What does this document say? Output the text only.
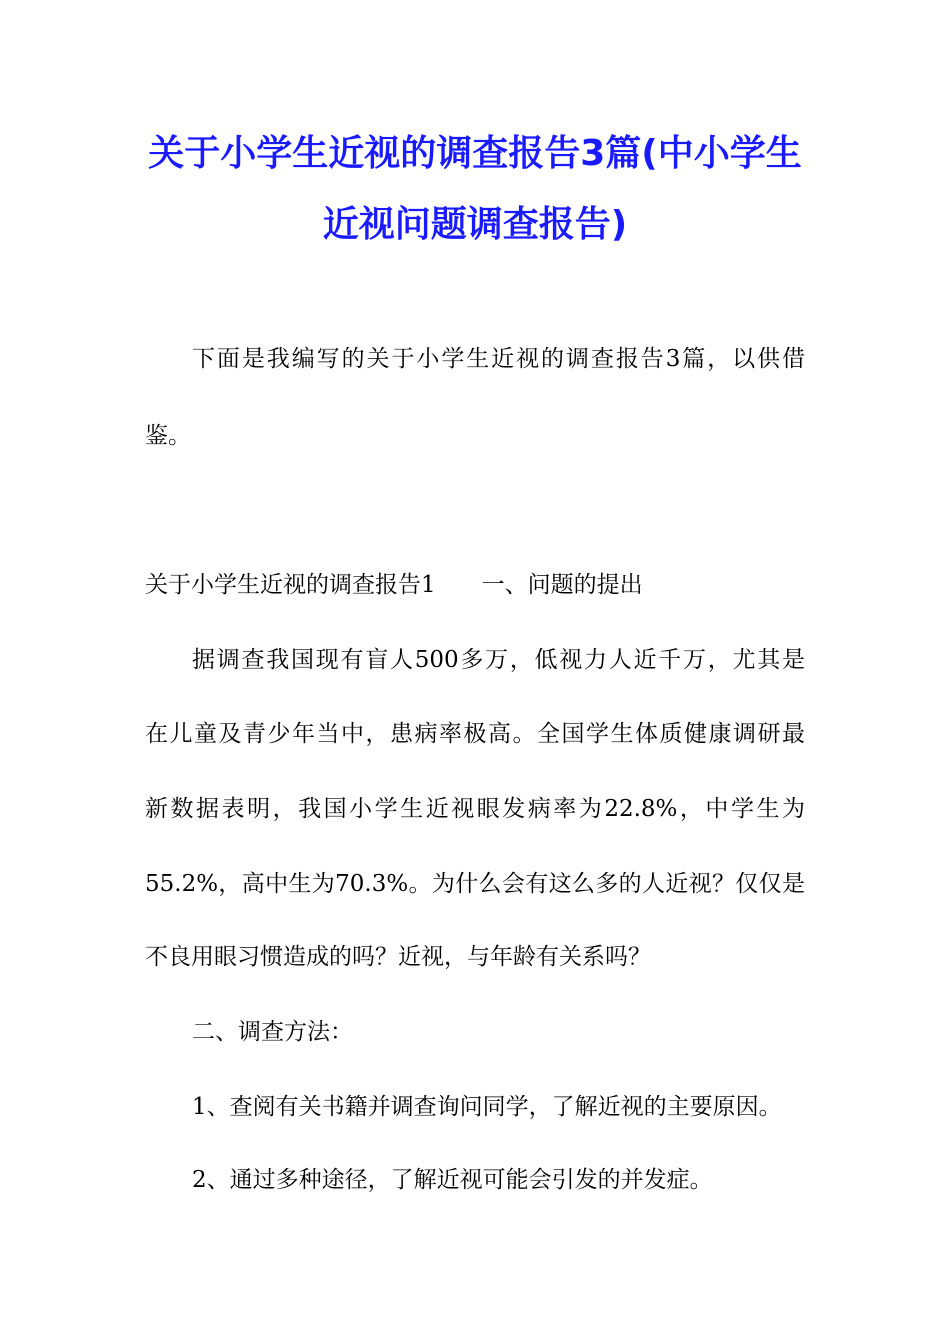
关于小学生近视的调查报告3篇(中小学生
近视问题调查报告)
下面是我编写的关于小学生近视的调查报告3篇，以供借
鉴。
关于小学生近视的调查报告1　　一、问题的提出
据调查我国现有盲人500多万，低视力人近千万，尤其是
在儿童及青少年当中，患病率极高。全国学生体质健康调研最
新数据表明，我国小学生近视眼发病率为22.8%，中学生为
55.2%，高中生为70.3%。为什么会有这么多的人近视？仅仅是
不良用眼习惯造成的吗？近视，与年龄有关系吗？
二、调查方法：
1、查阅有关书籍并调查询问同学，了解近视的主要原因。
2、通过多种途径，了解近视可能会引发的并发症。
